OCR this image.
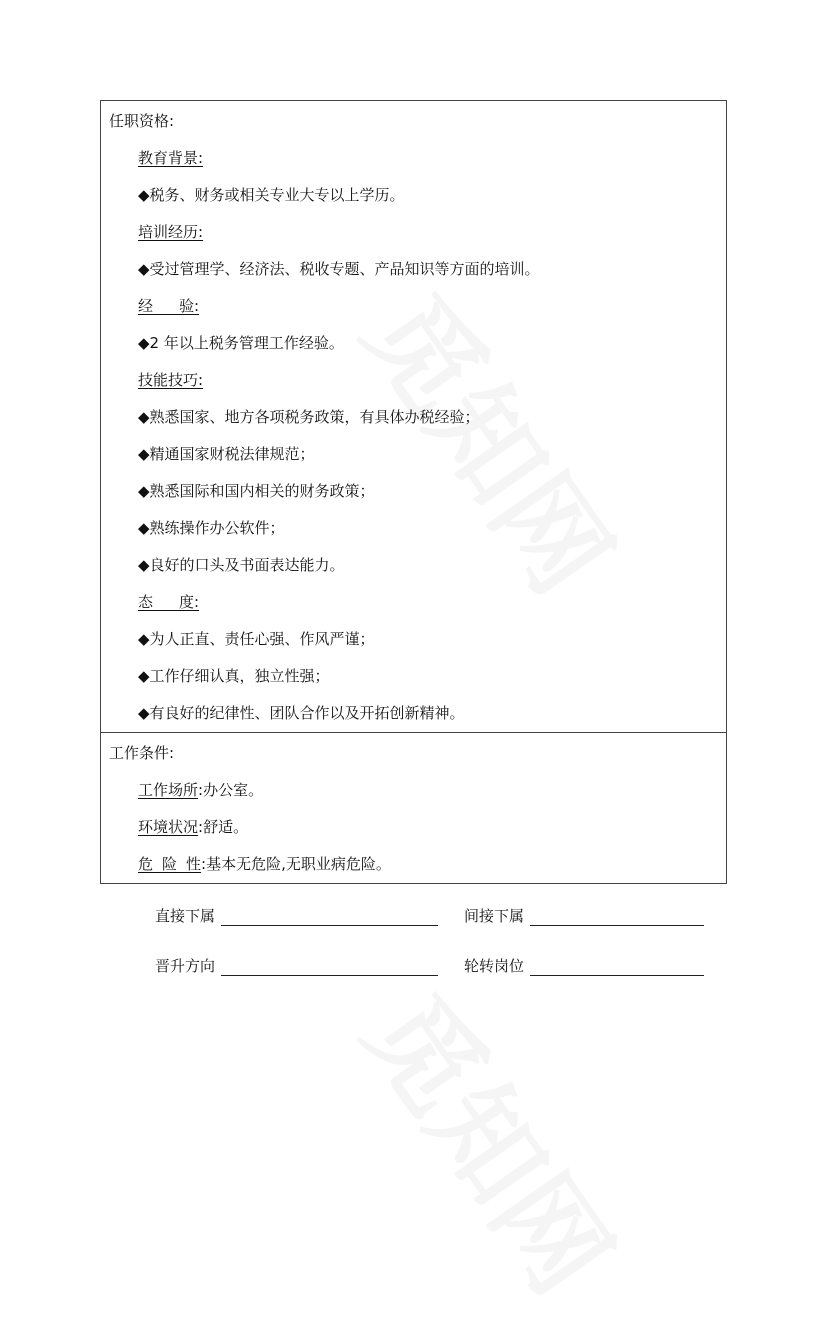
任职资格:
教育背景:
◆税务、财务或相关专业大专以上学历。
培训经历:
◆受过管理学、经济法、税收专题、产品知识等方面的培训。
经验:
◆2 年以上税务管理工作经验。
技能技巧:
◆熟悉国家、地方各项税务政策，有具体办税经验；
◆精通国家财税法律规范；
◆熟悉国际和国内相关的财务政策；
◆熟练操作办公软件；
◆良好的口头及书面表达能力。
态度:
◆为人正直、责任心强、作风严谨；
◆工作仔细认真，独立性强；
◆有良好的纪律性、团队合作以及开拓创新精神。
工作条件:
工作场所:办公室。
环境状况:舒适。
危险性:基本无危险,无职业病危险。
直接下属	间接下属
晋升方向	轮转岗位
